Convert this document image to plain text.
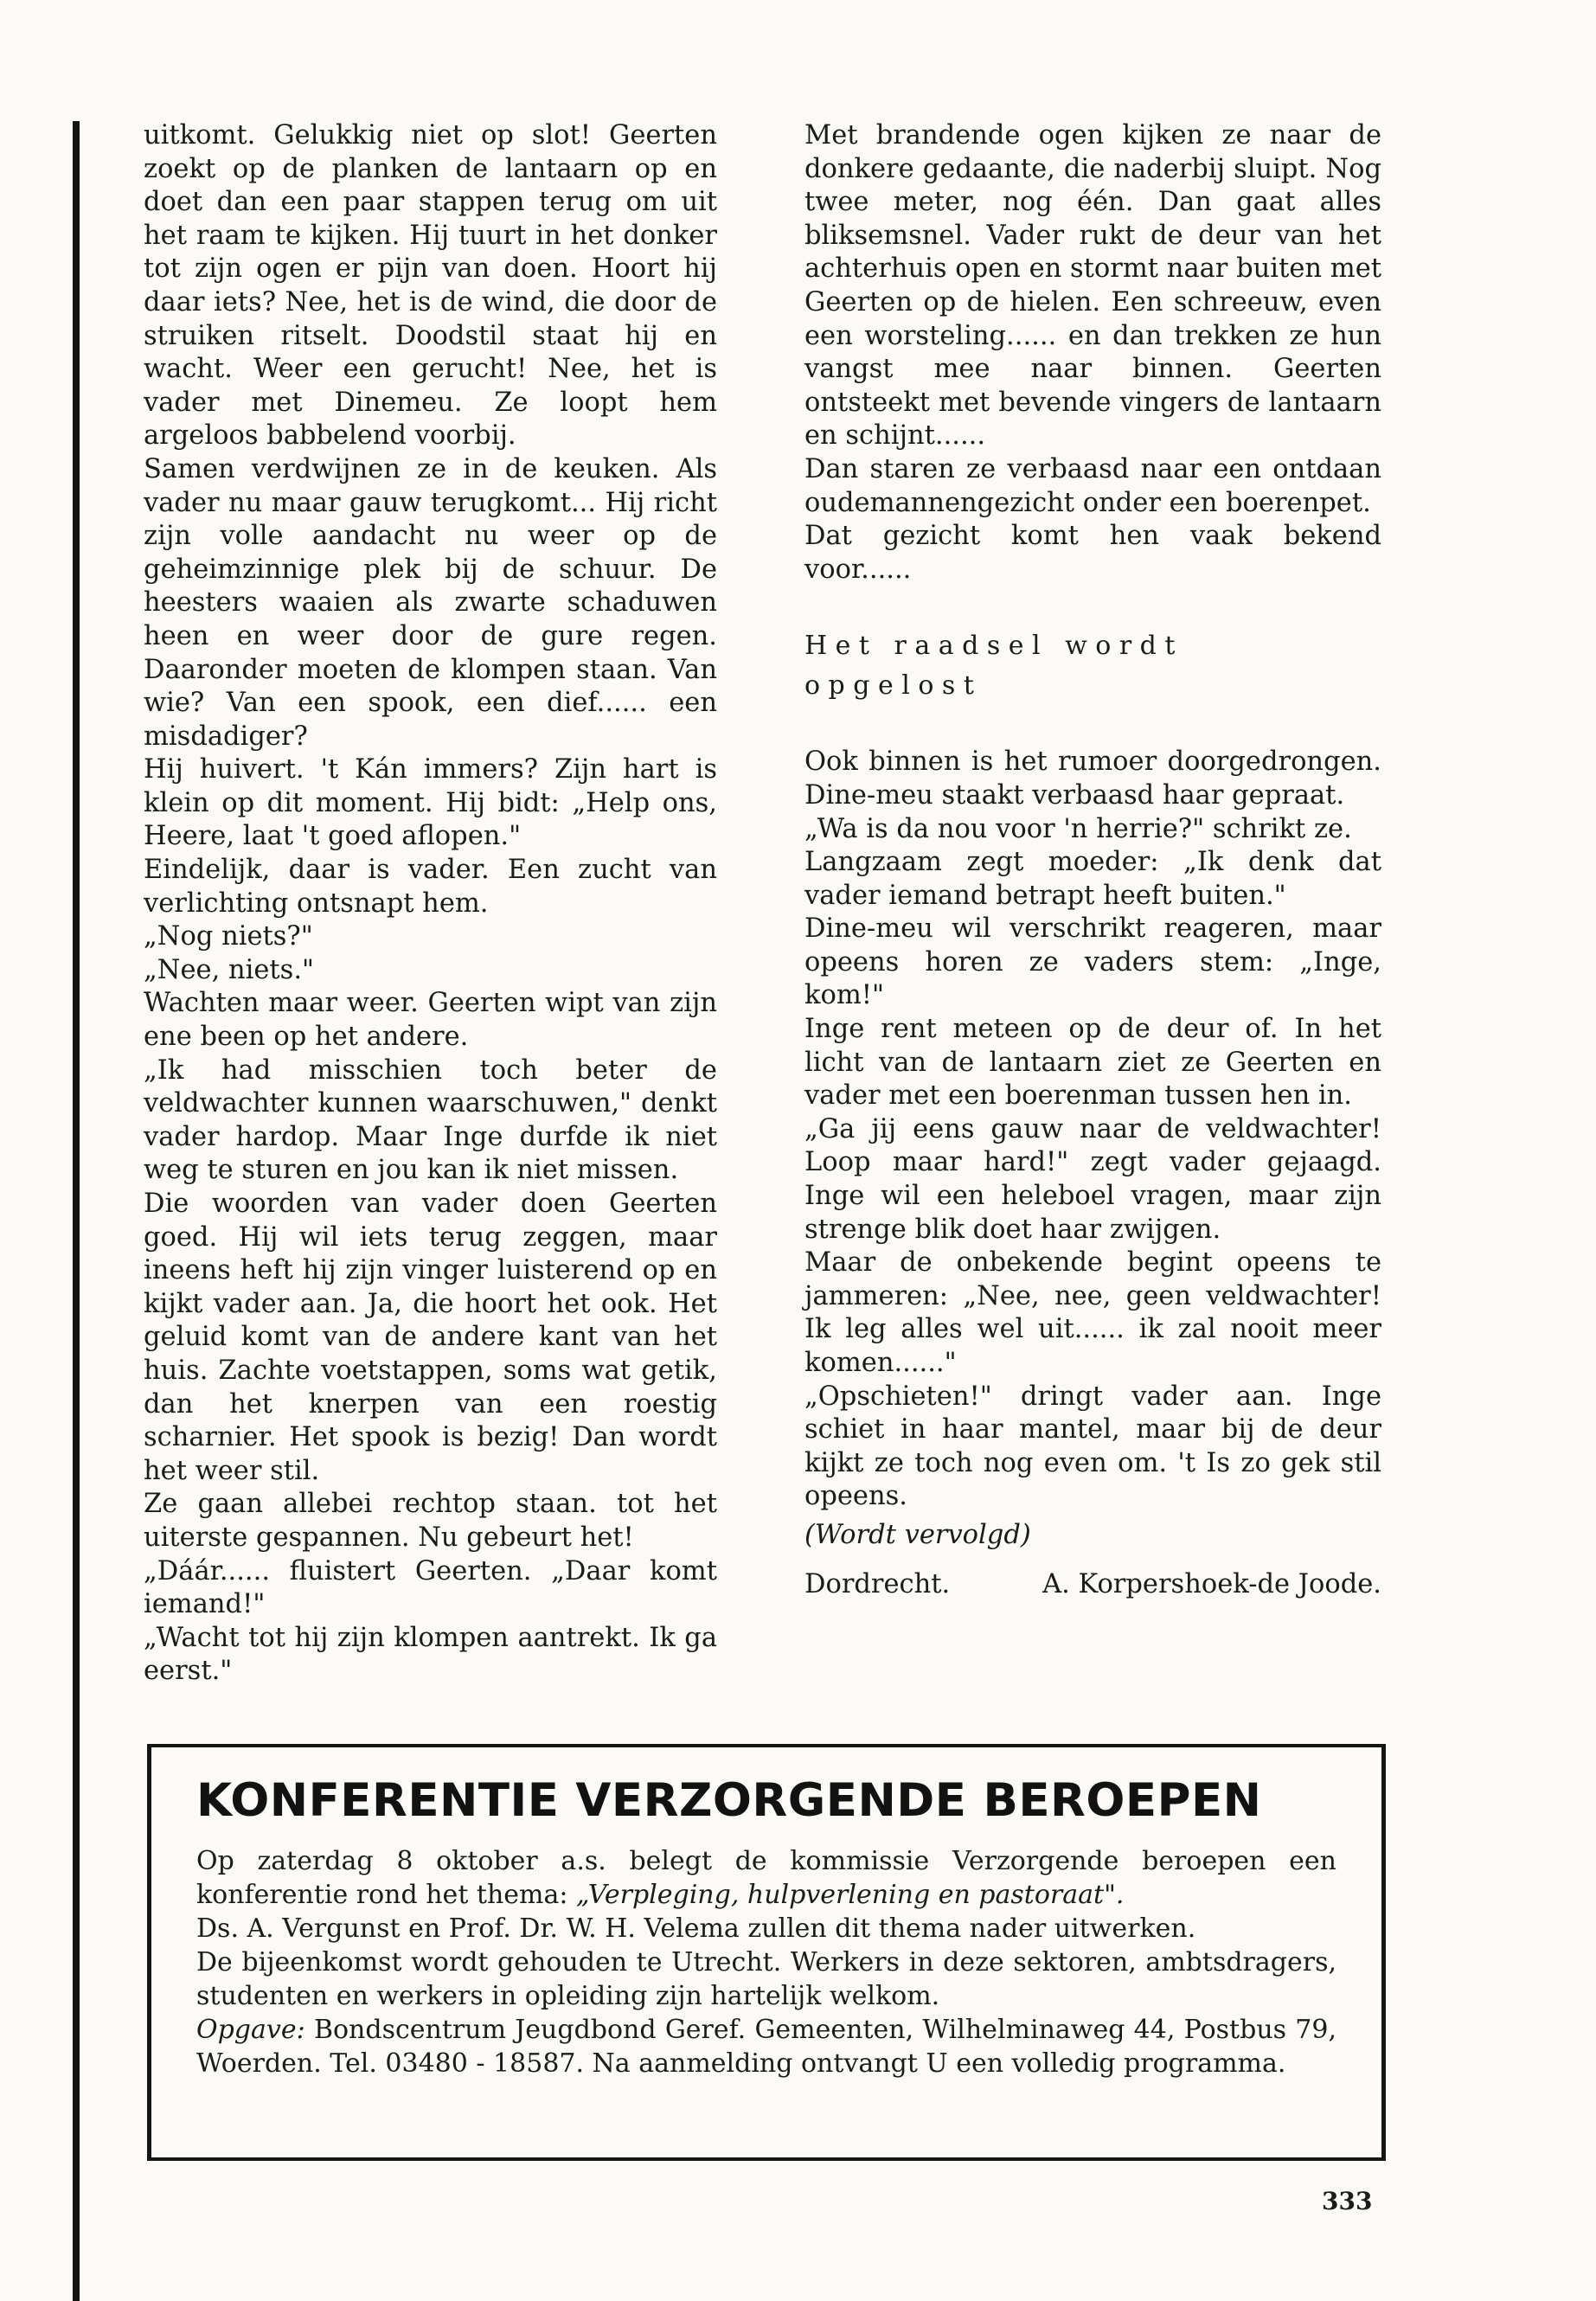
uitkomt. Gelukkig niet op slot! Geerten zoekt op de planken de lantaarn op en doet dan een paar stappen terug om uit het raam te kijken. Hij tuurt in het donker tot zijn ogen er pijn van doen. Hoort hij daar iets? Nee, het is de wind, die door de struiken ritselt. Doodstil staat hij en wacht. Weer een gerucht! Nee, het is vader met Dinemeu. Ze loopt hem argeloos babbelend voorbij.

Samen verdwijnen ze in de keuken. Als vader nu maar gauw terugkomt... Hij richt zijn volle aandacht nu weer op de geheimzinnige plek bij de schuur. De heesters waaien als zwarte schaduwen heen en weer door de gure regen. Daaronder moeten de klompen staan. Van wie? Van een spook, een dief...... een misdadiger?

Hij huivert. 't Kán immers? Zijn hart is klein op dit moment. Hij bidt: „Help ons, Heere, laat 't goed aflopen."

Eindelijk, daar is vader. Een zucht van verlichting ontsnapt hem.

„Nog niets?"

„Nee, niets."

Wachten maar weer. Geerten wipt van zijn ene been op het andere.

„Ik had misschien toch beter de veldwachter kunnen waarschuwen," denkt vader hardop. Maar Inge durfde ik niet weg te sturen en jou kan ik niet missen.

Die woorden van vader doen Geerten goed. Hij wil iets terug zeggen, maar ineens heft hij zijn vinger luisterend op en kijkt vader aan. Ja, die hoort het ook. Het geluid komt van de andere kant van het huis. Zachte voetstappen, soms wat getik, dan het knerpen van een roestig scharnier. Het spook is bezig! Dan wordt het weer stil.

Ze gaan allebei rechtop staan. tot het uiterste gespannen. Nu gebeurt het!

„Dáár...... fluistert Geerten. „Daar komt iemand!"

„Wacht tot hij zijn klompen aantrekt. Ik ga eerst."

Met brandende ogen kijken ze naar de donkere gedaante, die naderbij sluipt. Nog twee meter, nog één. Dan gaat alles bliksemsnel. Vader rukt de deur van het achterhuis open en stormt naar buiten met Geerten op de hielen. Een schreeuw, even een worsteling...... en dan trekken ze hun vangst mee naar binnen. Geerten ontsteekt met bevende vingers de lantaarn en schijnt......

Dan staren ze verbaasd naar een ontdaan oudemannengezicht onder een boerenpet.

Dat gezicht komt hen vaak bekend voor......

Het raadsel wordt

opgelost

Ook binnen is het rumoer doorgedrongen. Dine-meu staakt verbaasd haar gepraat.

„Wa is da nou voor 'n herrie?" schrikt ze.

Langzaam zegt moeder: „Ik denk dat vader iemand betrapt heeft buiten."

Dine-meu wil verschrikt reageren, maar opeens horen ze vaders stem: „Inge, kom!"

Inge rent meteen op de deur of. In het licht van de lantaarn ziet ze Geerten en vader met een boerenman tussen hen in.

„Ga jij eens gauw naar de veldwachter! Loop maar hard!" zegt vader gejaagd. Inge wil een heleboel vragen, maar zijn strenge blik doet haar zwijgen.

Maar de onbekende begint opeens te jammeren: „Nee, nee, geen veldwachter! Ik leg alles wel uit...... ik zal nooit meer komen......"

„Opschieten!" dringt vader aan. Inge schiet in haar mantel, maar bij de deur kijkt ze toch nog even om. 't Is zo gek stil opeens.

(Wordt vervolgd)

Dordrecht.	A. Korpershoek-de Joode.
KONFERENTIE VERZORGENDE BEROEPEN

Op zaterdag 8 oktober a.s. belegt de kommissie Verzorgende beroepen een konferentie rond het thema: „Verpleging, hulpverlening en pastoraat".

Ds. A. Vergunst en Prof. Dr. W. H. Velema zullen dit thema nader uitwerken.

De bijeenkomst wordt gehouden te Utrecht. Werkers in deze sektoren, ambtsdragers, studenten en werkers in opleiding zijn hartelijk welkom.

Opgave: Bondscentrum Jeugdbond Geref. Gemeenten, Wilhelminaweg 44, Postbus 79, Woerden. Tel. 03480 - 18587. Na aanmelding ontvangt U een volledig programma.

333
